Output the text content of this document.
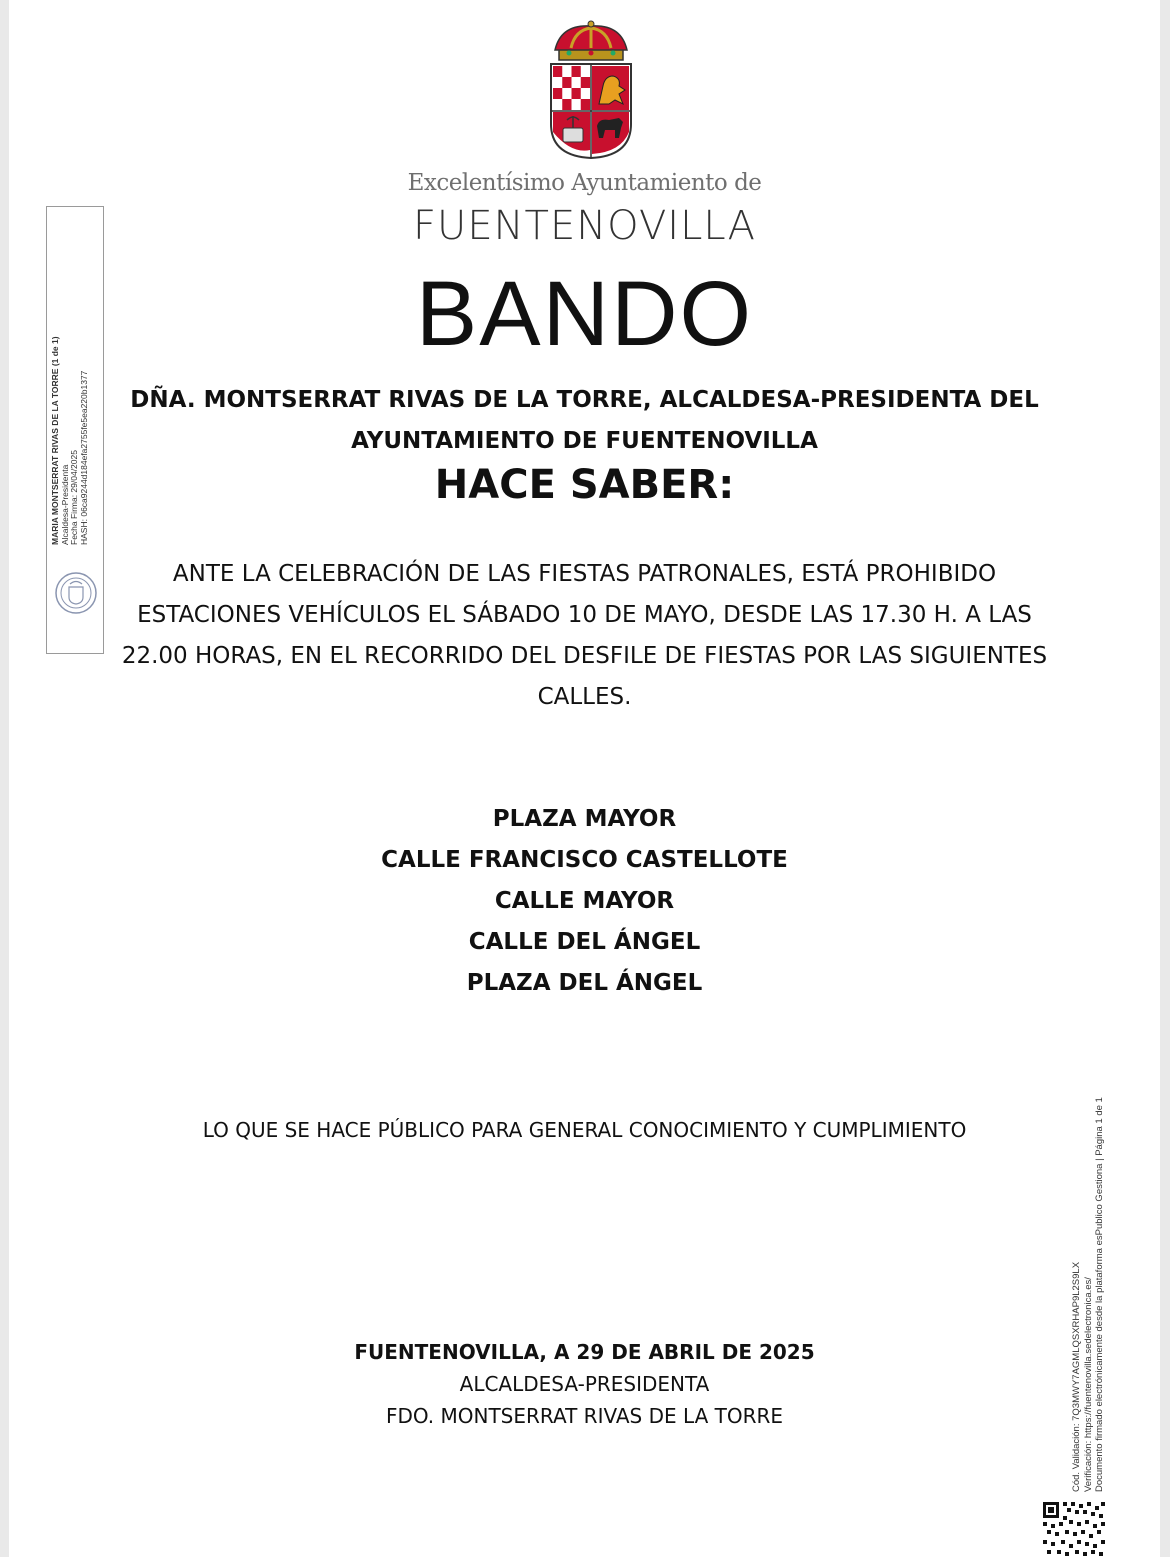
Excelentísimo Ayuntamiento de
FUENTENOVILLA
BANDO
DÑA. MONTSERRAT RIVAS DE LA TORRE, ALCALDESA-PRESIDENTA DEL AYUNTAMIENTO DE FUENTENOVILLA
HACE SABER:
ANTE LA CELEBRACIÓN DE LAS FIESTAS PATRONALES, ESTÁ PROHIBIDO ESTACIONES VEHÍCULOS EL SÁBADO 10 DE MAYO, DESDE LAS 17.30 H. A LAS 22.00 HORAS, EN EL RECORRIDO DEL DESFILE DE FIESTAS POR LAS SIGUIENTES CALLES.
PLAZA MAYOR
CALLE FRANCISCO CASTELLOTE
CALLE MAYOR
CALLE DEL ÁNGEL
PLAZA DEL ÁNGEL
LO QUE SE HACE PÚBLICO PARA GENERAL CONOCIMIENTO Y CUMPLIMIENTO
FUENTENOVILLA, A 29 DE ABRIL DE 2025
ALCALDESA-PRESIDENTA
FDO. MONTSERRAT RIVAS DE LA TORRE
MARIA MONTSERRAT RIVAS DE LA TORRE (1 de 1) Alcaldesa-Presidenta Fecha Firma: 29/04/2025 HASH: 06ca9244d184efa2755fe5ea220b1377
Cód. Validación: 7Q3MWY7AGMLQSXRHAP9L2S9LX Verificación: https://fuentenovilla.sedelectronica.es/ Documento firmado electrónicamente desde la plataforma esPublico Gestiona | Página 1 de 1
